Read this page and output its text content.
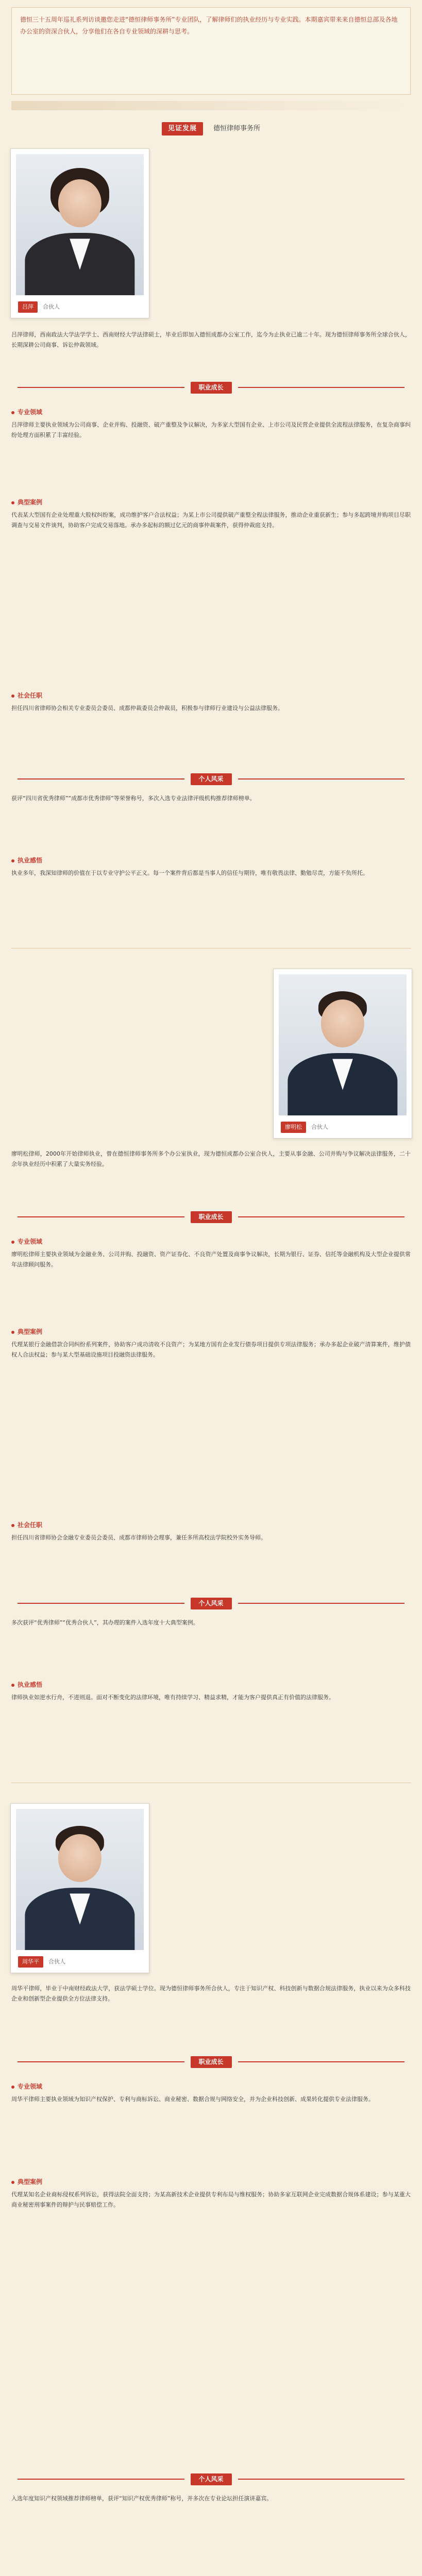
德恒三十五周年巡礼系列访谈邀您走进“德恒律师事务所”专业团队，了解律师们的执业经历与专业实践。本期嘉宾带来来自德恒总部及各地办公室的资深合伙人，分享他们在各自专业领域的深耕与思考。

见证发展	德恒律师事务所
吕萍	合伙人
吕萍律师，西南政法大学法学学士、西南财经大学法律硕士，毕业后即加入德恒成都办公室工作，迄今为止执业已逾二十年。现为德恒律师事务所全球合伙人，长期深耕公司商事、诉讼仲裁领域。
职业成长
专业领域
吕萍律师主要执业领域为公司商事、企业并购、投融资、破产重整及争议解决，为多家大型国有企业、上市公司及民营企业提供全流程法律服务，在复杂商事纠纷处理方面积累了丰富经验。
典型案例
代表某大型国有企业处理重大股权纠纷案，成功维护客户合法权益；为某上市公司提供破产重整全程法律服务，推动企业重获新生；参与多起跨境并购项目尽职调查与交易文件谈判，协助客户完成交易落地。承办多起标的额过亿元的商事仲裁案件，获得仲裁庭支持。
社会任职
担任四川省律师协会相关专业委员会委员、成都仲裁委员会仲裁员，积极参与律师行业建设与公益法律服务。
个人风采
获评“四川省优秀律师”“成都市优秀律师”等荣誉称号，多次入选专业法律评级机构推荐律师榜单。
执业感悟
执业多年，我深知律师的价值在于以专业守护公平正义。每一个案件背后都是当事人的信任与期待，唯有敬畏法律、勤勉尽责，方能不负所托。
廖明松	合伙人
廖明松律师，2000年开始律师执业，曾在德恒律师事务所多个办公室执业，现为德恒成都办公室合伙人，主要从事金融、公司并购与争议解决法律服务，二十余年执业经历中积累了大量实务经验。
职业成长
专业领域
廖明松律师主要执业领域为金融业务、公司并购、投融资、资产证券化、不良资产处置及商事争议解决，长期为银行、证券、信托等金融机构及大型企业提供常年法律顾问服务。
典型案例
代理某银行金融借款合同纠纷系列案件，协助客户成功清收不良资产；为某地方国有企业发行债券项目提供专项法律服务；承办多起企业破产清算案件，维护债权人合法权益；参与某大型基础设施项目投融资法律服务。
社会任职
担任四川省律师协会金融专业委员会委员、成都市律师协会理事，兼任多所高校法学院校外实务导师。
个人风采
多次获评“优秀律师”“优秀合伙人”，其办理的案件入选年度十大典型案例。
执业感悟
律师执业如逆水行舟，不进则退。面对不断变化的法律环境，唯有持续学习、精益求精，才能为客户提供真正有价值的法律服务。
周华平	合伙人
周华平律师，毕业于中南财经政法大学，获法学硕士学位。现为德恒律师事务所合伙人，专注于知识产权、科技创新与数据合规法律服务，执业以来为众多科技企业和创新型企业提供全方位法律支持。
职业成长
专业领域
周华平律师主要执业领域为知识产权保护、专利与商标诉讼、商业秘密、数据合规与网络安全，并为企业科技创新、成果转化提供专业法律服务。
典型案例
代理某知名企业商标侵权系列诉讼，获得法院全面支持；为某高新技术企业提供专利布局与维权服务；协助多家互联网企业完成数据合规体系建设；参与某重大商业秘密刑事案件的辩护与民事赔偿工作。
个人风采
入选年度知识产权领域推荐律师榜单，获评“知识产权优秀律师”称号，并多次在专业论坛担任演讲嘉宾。
